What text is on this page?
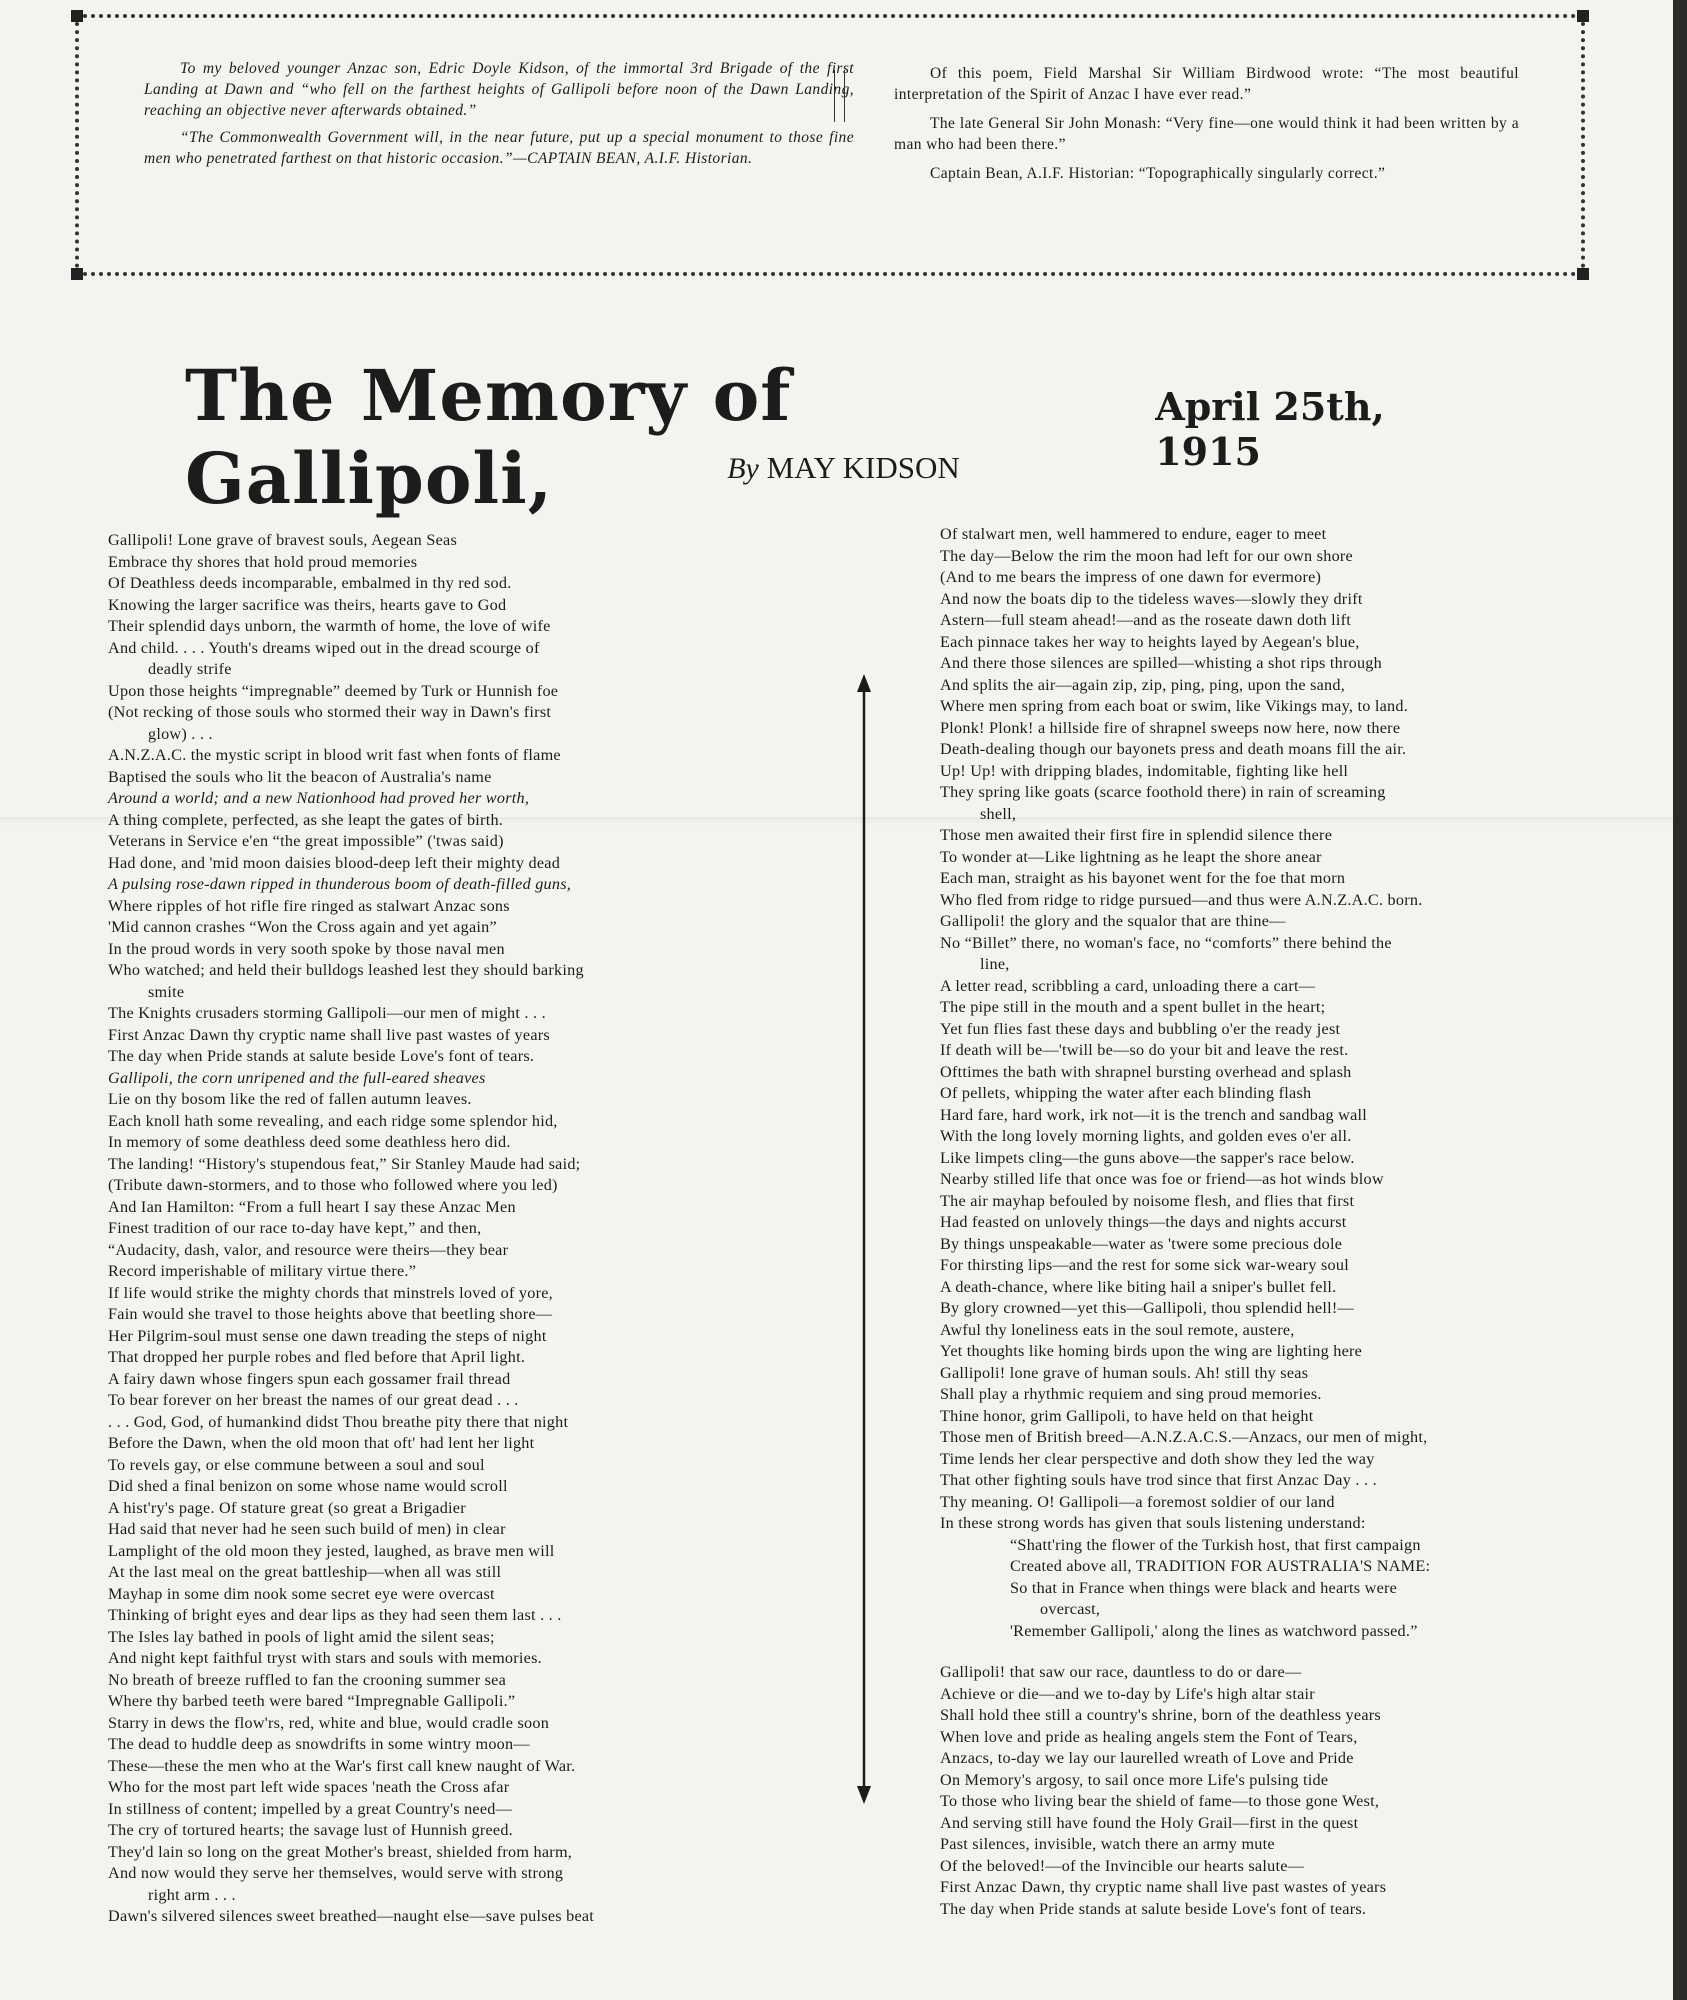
To my beloved younger Anzac son, Edric Doyle Kidson, of the immortal 3rd Brigade of the first Landing at Dawn and “who fell on the farthest heights of Gallipoli before noon of the Dawn Landing, reaching an objective never afterwards obtained.”

“The Commonwealth Government will, in the near future, put up a special monument to those fine men who penetrated farthest on that historic occasion.”—CAPTAIN BEAN, A.I.F. Historian.

Of this poem, Field Marshal Sir William Birdwood wrote: “The most beautiful interpretation of the Spirit of Anzac I have ever read.”

The late General Sir John Monash: “Very fine—one would think it had been written by a man who had been there.”

Captain Bean, A.I.F. Historian: “Topographically singularly correct.”

The Memory of Gallipoli,
April 25th, 1915
By MAY KIDSON
Gallipoli! Lone grave of bravest souls, Aegean Seas
Embrace thy shores that hold proud memories
Of Deathless deeds incomparable, embalmed in thy red sod.
Knowing the larger sacrifice was theirs, hearts gave to God
Their splendid days unborn, the warmth of home, the love of wife
And child. . . . Youth's dreams wiped out in the dread scourge of
deadly strife
Upon those heights “impregnable” deemed by Turk or Hunnish foe
(Not recking of those souls who stormed their way in Dawn's first
glow) . . .
A.N.Z.A.C. the mystic script in blood writ fast when fonts of flame
Baptised the souls who lit the beacon of Australia's name
Around a world; and a new Nationhood had proved her worth,
A thing complete, perfected, as she leapt the gates of birth.
Veterans in Service e'en “the great impossible” ('twas said)
Had done, and 'mid moon daisies blood-deep left their mighty dead
A pulsing rose-dawn ripped in thunderous boom of death-filled guns,
Where ripples of hot rifle fire ringed as stalwart Anzac sons
'Mid cannon crashes “Won the Cross again and yet again”
In the proud words in very sooth spoke by those naval men
Who watched; and held their bulldogs leashed lest they should barking
smite
The Knights crusaders storming Gallipoli—our men of might . . .
First Anzac Dawn thy cryptic name shall live past wastes of years
The day when Pride stands at salute beside Love's font of tears.
Gallipoli, the corn unripened and the full-eared sheaves
Lie on thy bosom like the red of fallen autumn leaves.
Each knoll hath some revealing, and each ridge some splendor hid,
In memory of some deathless deed some deathless hero did.
The landing! “History's stupendous feat,” Sir Stanley Maude had said;
(Tribute dawn-stormers, and to those who followed where you led)
And Ian Hamilton: “From a full heart I say these Anzac Men
Finest tradition of our race to-day have kept,” and then,
“Audacity, dash, valor, and resource were theirs—they bear
Record imperishable of military virtue there.”
If life would strike the mighty chords that minstrels loved of yore,
Fain would she travel to those heights above that beetling shore—
Her Pilgrim-soul must sense one dawn treading the steps of night
That dropped her purple robes and fled before that April light.
A fairy dawn whose fingers spun each gossamer frail thread
To bear forever on her breast the names of our great dead . . .
. . . God, God, of humankind didst Thou breathe pity there that night
Before the Dawn, when the old moon that oft' had lent her light
To revels gay, or else commune between a soul and soul
Did shed a final benizon on some whose name would scroll
A hist'ry's page. Of stature great (so great a Brigadier
Had said that never had he seen such build of men) in clear
Lamplight of the old moon they jested, laughed, as brave men will
At the last meal on the great battleship—when all was still
Mayhap in some dim nook some secret eye were overcast
Thinking of bright eyes and dear lips as they had seen them last . . .
The Isles lay bathed in pools of light amid the silent seas;
And night kept faithful tryst with stars and souls with memories.
No breath of breeze ruffled to fan the crooning summer sea
Where thy barbed teeth were bared “Impregnable Gallipoli.”
Starry in dews the flow'rs, red, white and blue, would cradle soon
The dead to huddle deep as snowdrifts in some wintry moon—
These—these the men who at the War's first call knew naught of War.
Who for the most part left wide spaces 'neath the Cross afar
In stillness of content; impelled by a great Country's need—
The cry of tortured hearts; the savage lust of Hunnish greed.
They'd lain so long on the great Mother's breast, shielded from harm,
And now would they serve her themselves, would serve with strong
right arm . . .
Dawn's silvered silences sweet breathed—naught else—save pulses beat
Of stalwart men, well hammered to endure, eager to meet
The day—Below the rim the moon had left for our own shore
(And to me bears the impress of one dawn for evermore)
And now the boats dip to the tideless waves—slowly they drift
Astern—full steam ahead!—and as the roseate dawn doth lift
Each pinnace takes her way to heights layed by Aegean's blue,
And there those silences are spilled—whisting a shot rips through
And splits the air—again zip, zip, ping, ping, upon the sand,
Where men spring from each boat or swim, like Vikings may, to land.
Plonk! Plonk! a hillside fire of shrapnel sweeps now here, now there
Death-dealing though our bayonets press and death moans fill the air.
Up! Up! with dripping blades, indomitable, fighting like hell
They spring like goats (scarce foothold there) in rain of screaming
shell,
Those men awaited their first fire in splendid silence there
To wonder at—Like lightning as he leapt the shore anear
Each man, straight as his bayonet went for the foe that morn
Who fled from ridge to ridge pursued—and thus were A.N.Z.A.C. born.
Gallipoli! the glory and the squalor that are thine—
No “Billet” there, no woman's face, no “comforts” there behind the
line,
A letter read, scribbling a card, unloading there a cart—
The pipe still in the mouth and a spent bullet in the heart;
Yet fun flies fast these days and bubbling o'er the ready jest
If death will be—'twill be—so do your bit and leave the rest.
Ofttimes the bath with shrapnel bursting overhead and splash
Of pellets, whipping the water after each blinding flash
Hard fare, hard work, irk not—it is the trench and sandbag wall
With the long lovely morning lights, and golden eves o'er all.
Like limpets cling—the guns above—the sapper's race below.
Nearby stilled life that once was foe or friend—as hot winds blow
The air mayhap befouled by noisome flesh, and flies that first
Had feasted on unlovely things—the days and nights accurst
By things unspeakable—water as 'twere some precious dole
For thirsting lips—and the rest for some sick war-weary soul
A death-chance, where like biting hail a sniper's bullet fell.
By glory crowned—yet this—Gallipoli, thou splendid hell!—
Awful thy loneliness eats in the soul remote, austere,
Yet thoughts like homing birds upon the wing are lighting here
Gallipoli! lone grave of human souls. Ah! still thy seas
Shall play a rhythmic requiem and sing proud memories.
Thine honor, grim Gallipoli, to have held on that height
Those men of British breed—A.N.Z.A.C.S.—Anzacs, our men of might,
Time lends her clear perspective and doth show they led the way
That other fighting souls have trod since that first Anzac Day . . .
Thy meaning. O! Gallipoli—a foremost soldier of our land
In these strong words has given that souls listening understand:
“Shatt'ring the flower of the Turkish host, that first campaign
Created above all, TRADITION FOR AUSTRALIA'S NAME:
So that in France when things were black and hearts were
overcast,
'Remember Gallipoli,' along the lines as watchword passed.”
Gallipoli! that saw our race, dauntless to do or dare—
Achieve or die—and we to-day by Life's high altar stair
Shall hold thee still a country's shrine, born of the deathless years
When love and pride as healing angels stem the Font of Tears,
Anzacs, to-day we lay our laurelled wreath of Love and Pride
On Memory's argosy, to sail once more Life's pulsing tide
To those who living bear the shield of fame—to those gone West,
And serving still have found the Holy Grail—first in the quest
Past silences, invisible, watch there an army mute
Of the beloved!—of the Invincible our hearts salute—
First Anzac Dawn, thy cryptic name shall live past wastes of years
The day when Pride stands at salute beside Love's font of tears.
